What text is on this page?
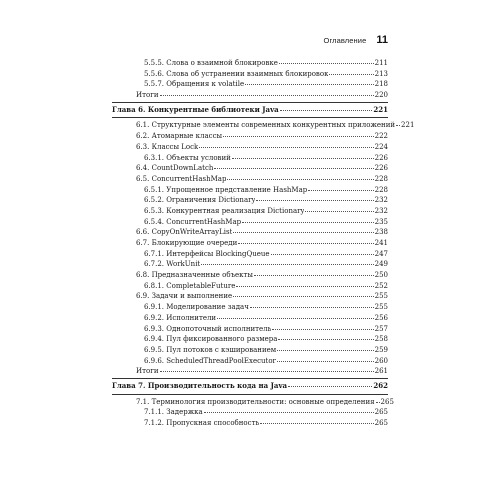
Оглавление 11
5.5.5. Слова о взаимной блокировке	211
5.5.6. Слова об устранении взаимных блокировок	213
5.5.7. Обращения к volatile	218
Итоги	220
Глава 6. Конкурентные библиотеки Java	221
6.1. Структурные элементы современных конкурентных приложений 221
6.2. Атомарные классы	222
6.3. Классы Lock	224
6.3.1. Объекты условий	226
6.4. CountDownLatch	226
6.5. ConcurrentHashMap	228
6.5.1. Упрощенное представление HashMap	228
6.5.2. Ограничения Dictionary	232
6.5.3. Конкурентная реализация Dictionary	232
6.5.4. ConcurrentHashMap	235
6.6. CopyOnWriteArrayList	238
6.7. Блокирующие очереди	241
6.7.1. Интерфейсы BlockingQueue	247
6.7.2. WorkUnit	249
6.8. Предназначенные объекты	250
6.8.1. CompletableFuture	252
6.9. Задачи и выполнение	255
6.9.1. Моделирование задач	255
6.9.2. Исполнители	256
6.9.3. Однопоточный исполнитель	257
6.9.4. Пул фиксированного размера	258
6.9.5. Пул потоков с кэшированием	259
6.9.6. ScheduledThreadPoolExecutor	260
Итоги	261
Глава 7. Производительность кода на Java	262
7.1. Терминология производительности: основные определения 265
7.1.1. Задержка	265
7.1.2. Пропускная способность	265
